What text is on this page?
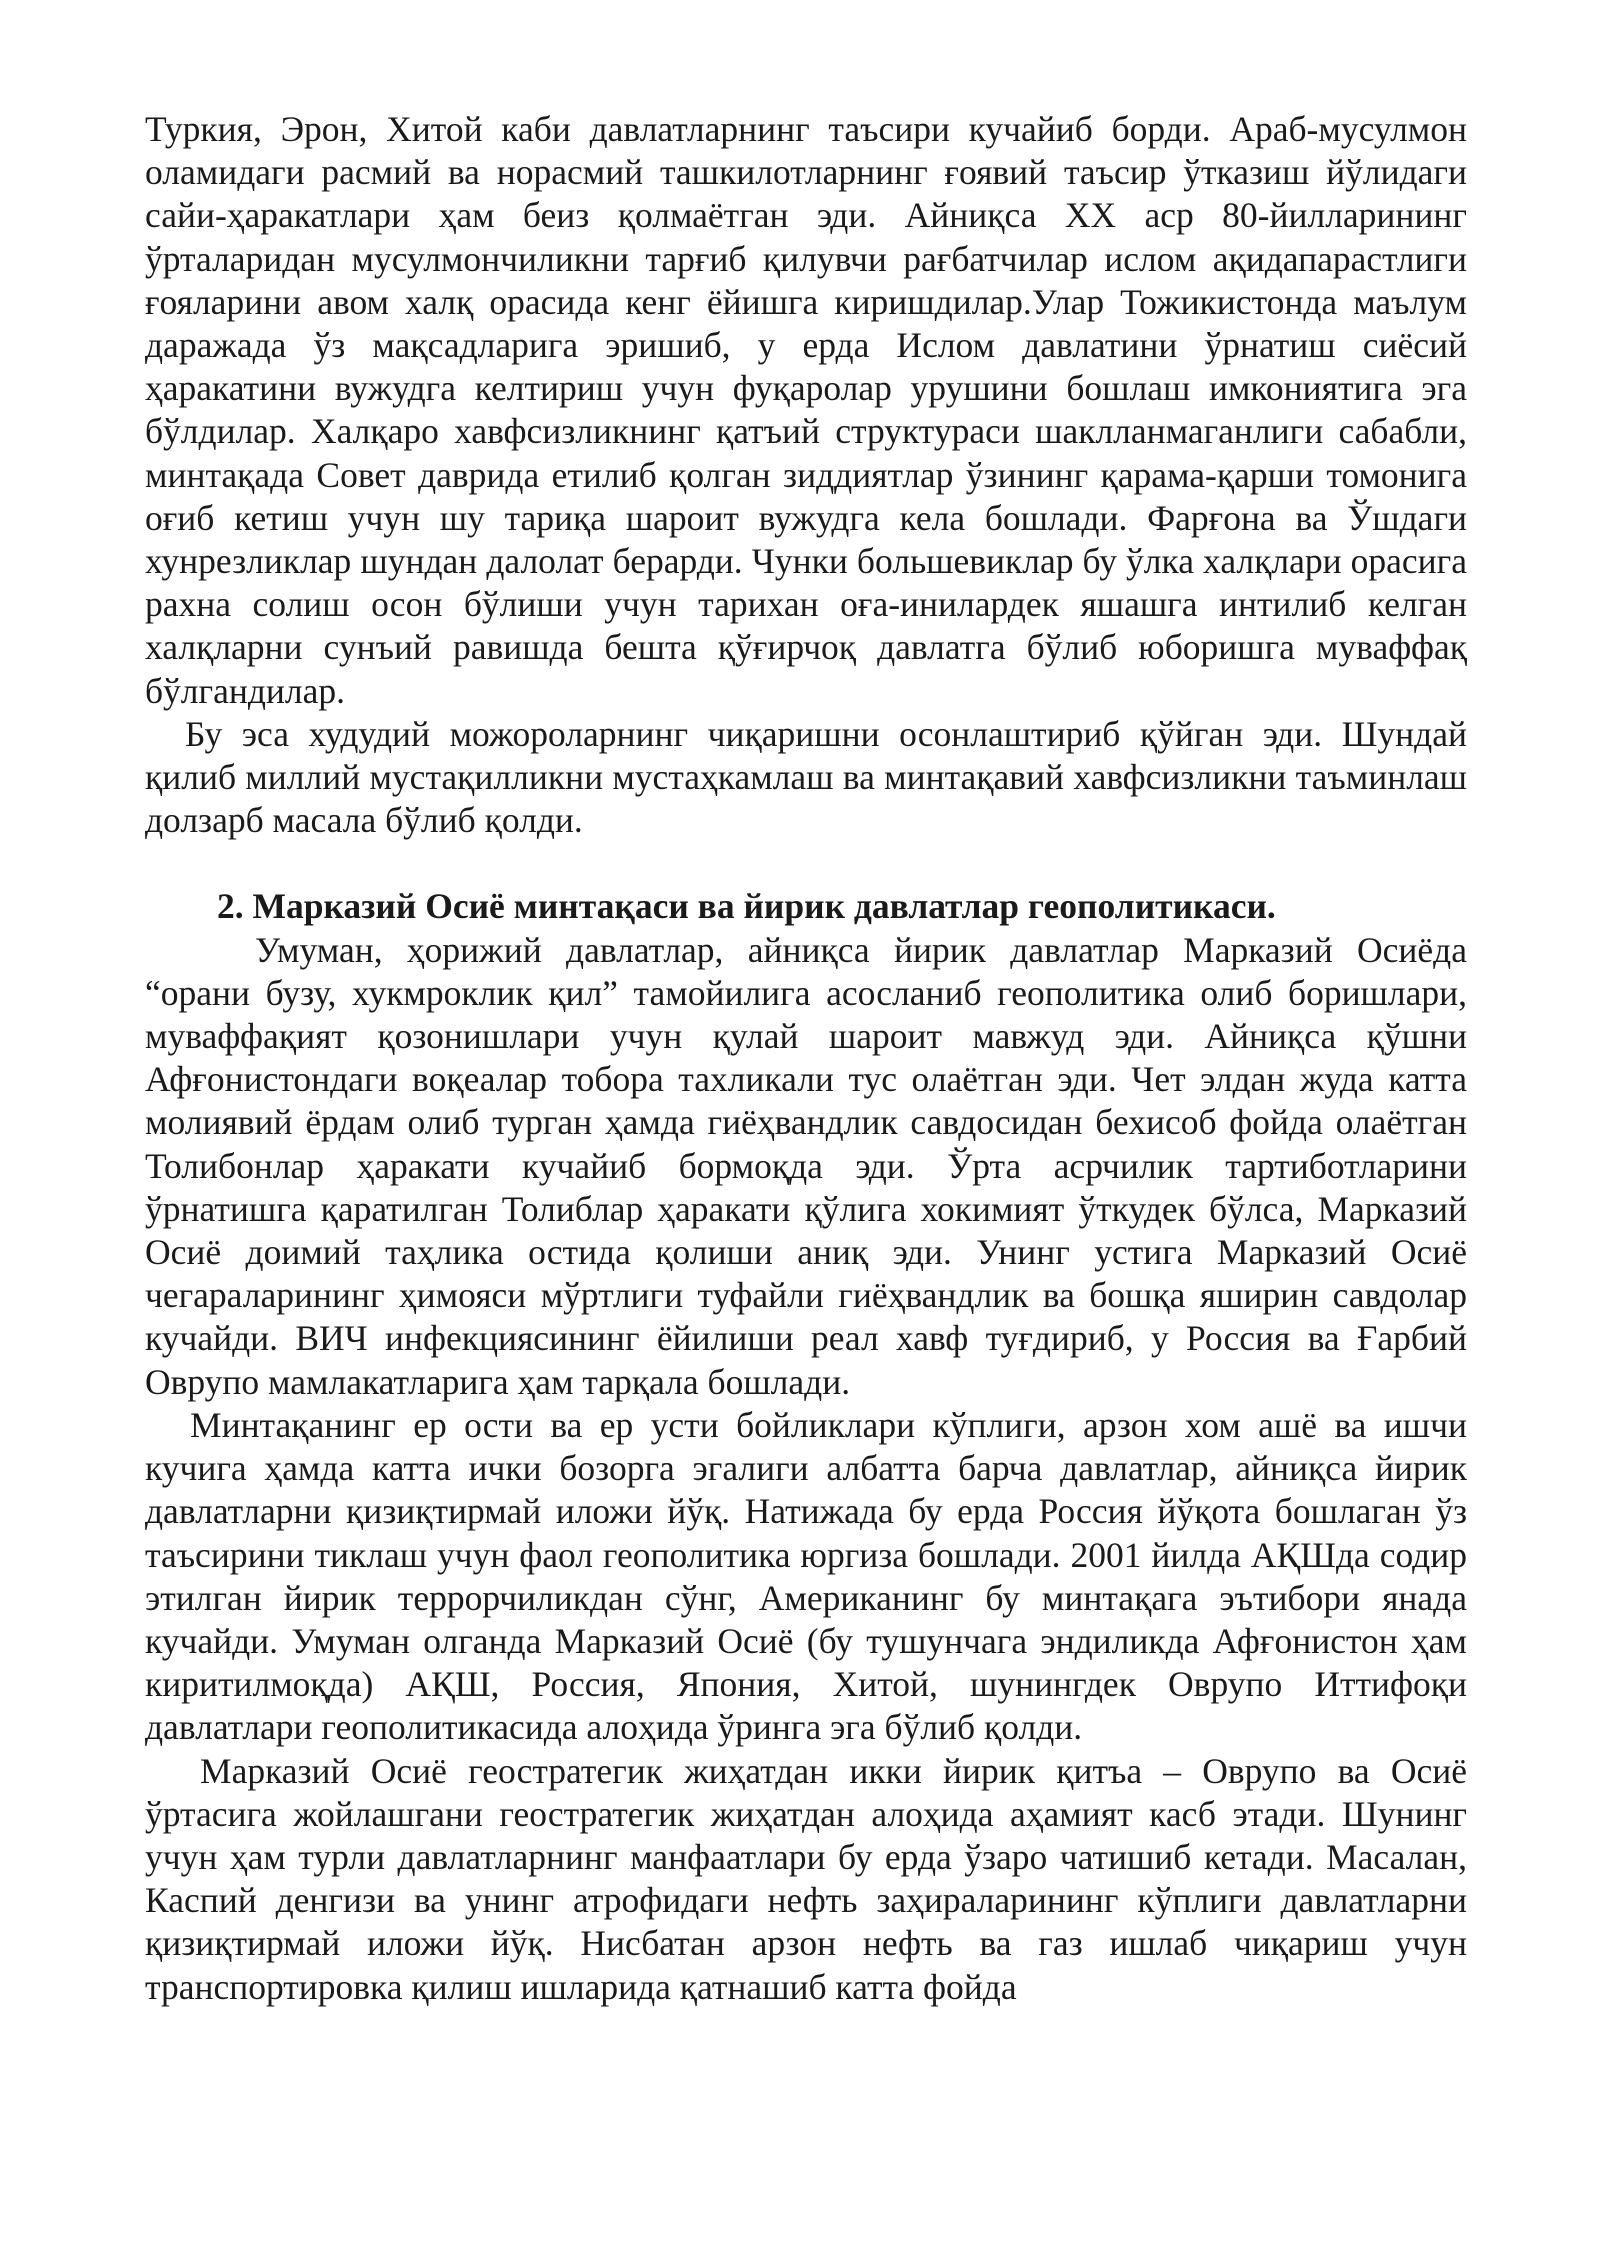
Туркия, Эрон, Хитой каби давлатларнинг таъсири кучайиб борди. Араб-мусулмон оламидаги расмий ва норасмий ташкилотларнинг ғоявий таъсир ўтказиш йўлидаги сайи-ҳаракатлари ҳам беиз қолмаётган эди. Айниқса XX аср 80-йилларининг ўрталаридан мусулмончиликни тарғиб қилувчи рағбатчилар ислом ақидапарастлиги ғояларини авом халқ орасида кенг ёйишга киришдилар.Улар Тожикистонда маълум даражада ўз мақсадларига эришиб, у ерда Ислом давлатини ўрнатиш сиёсий ҳаракатини вужудга келтириш учун фуқаролар урушини бошлаш имкониятига эга бўлдилар. Халқаро хавфсизликнинг қатъий структураси шаклланмаганлиги сабабли, минтақада Совет даврида етилиб қолган зиддиятлар ўзининг қарама-қарши томонига оғиб кетиш учун шу тариқа шароит вужудга кела бошлади. Фарғона ва Ўшдаги хунрезликлар шундан далолат берарди. Чунки большевиклар бу ўлка халқлари орасига рахна солиш осон бўлиши учун тарихан оға-инилардек яшашга интилиб келган халқларни сунъий равишда бешта қўғирчоқ давлатга бўлиб юборишга муваффақ бўлгандилар.

Бу эса худудий можороларнинг чиқаришни осонлаштириб қўйган эди. Шундай қилиб миллий мустақилликни мустаҳкамлаш ва минтақавий хавфсизликни таъминлаш долзарб масала бўлиб қолди.

2. Марказий Осиё минтақаси ва йирик давлатлар геополитикаси.

Умуман, ҳорижий давлатлар, айниқса йирик давлатлар Марказий Осиёда “орани бузу, хукмроклик қил” тамойилига асосланиб геополитика олиб боришлари, муваффақият қозонишлари учун қулай шароит мавжуд эди. Айниқса қўшни Афғонистондаги воқеалар тобора тахликали тус олаётган эди. Чет элдан жуда катта молиявий ёрдам олиб турган ҳамда гиёҳвандлик савдосидан бехисоб фойда олаётган Толибонлар ҳаракати кучайиб бормоқда эди. Ўрта асрчилик тартиботларини ўрнатишга қаратилган Толиблар ҳаракати қўлига хокимият ўткудек бўлса, Марказий Осиё доимий таҳлика остида қолиши аниқ эди. Унинг устига Марказий Осиё чегараларининг ҳимояси мўртлиги туфайли гиёҳвандлик ва бошқа яширин савдолар кучайди. ВИЧ инфекциясининг ёйилиши реал хавф туғдириб, у Россия ва Ғарбий Оврупо мамлакатларига ҳам тарқала бошлади.

Минтақанинг ер ости ва ер усти бойликлари кўплиги, арзон хом ашё ва ишчи кучига ҳамда катта ички бозорга эгалиги албатта барча давлатлар, айниқса йирик давлатларни қизиқтирмай иложи йўқ. Натижада бу ерда Россия йўқота бошлаган ўз таъсирини тиклаш учун фаол геополитика юргиза бошлади. 2001 йилда АҚШда содир этилган йирик террорчиликдан сўнг, Американинг бу минтақага эътибори янада кучайди. Умуман олганда Марказий Осиё (бу тушунчага эндиликда Афғонистон ҳам киритилмоқда) АҚШ, Россия, Япония, Хитой, шунингдек Оврупо Иттифоқи давлатлари геополитикасида алоҳида ўринга эга бўлиб қолди.

Марказий Осиё геостратегик жиҳатдан икки йирик қитъа – Оврупо ва Осиё ўртасига жойлашгани геостратегик жиҳатдан алоҳида аҳамият касб этади. Шунинг учун ҳам турли давлатларнинг манфаатлари бу ерда ўзаро чатишиб кетади. Масалан, Каспий денгизи ва унинг атрофидаги нефть заҳираларининг кўплиги давлатларни қизиқтирмай иложи йўқ. Нисбатан арзон нефть ва газ ишлаб чиқариш учун транспортировка қилиш ишларида қатнашиб катта фойда
